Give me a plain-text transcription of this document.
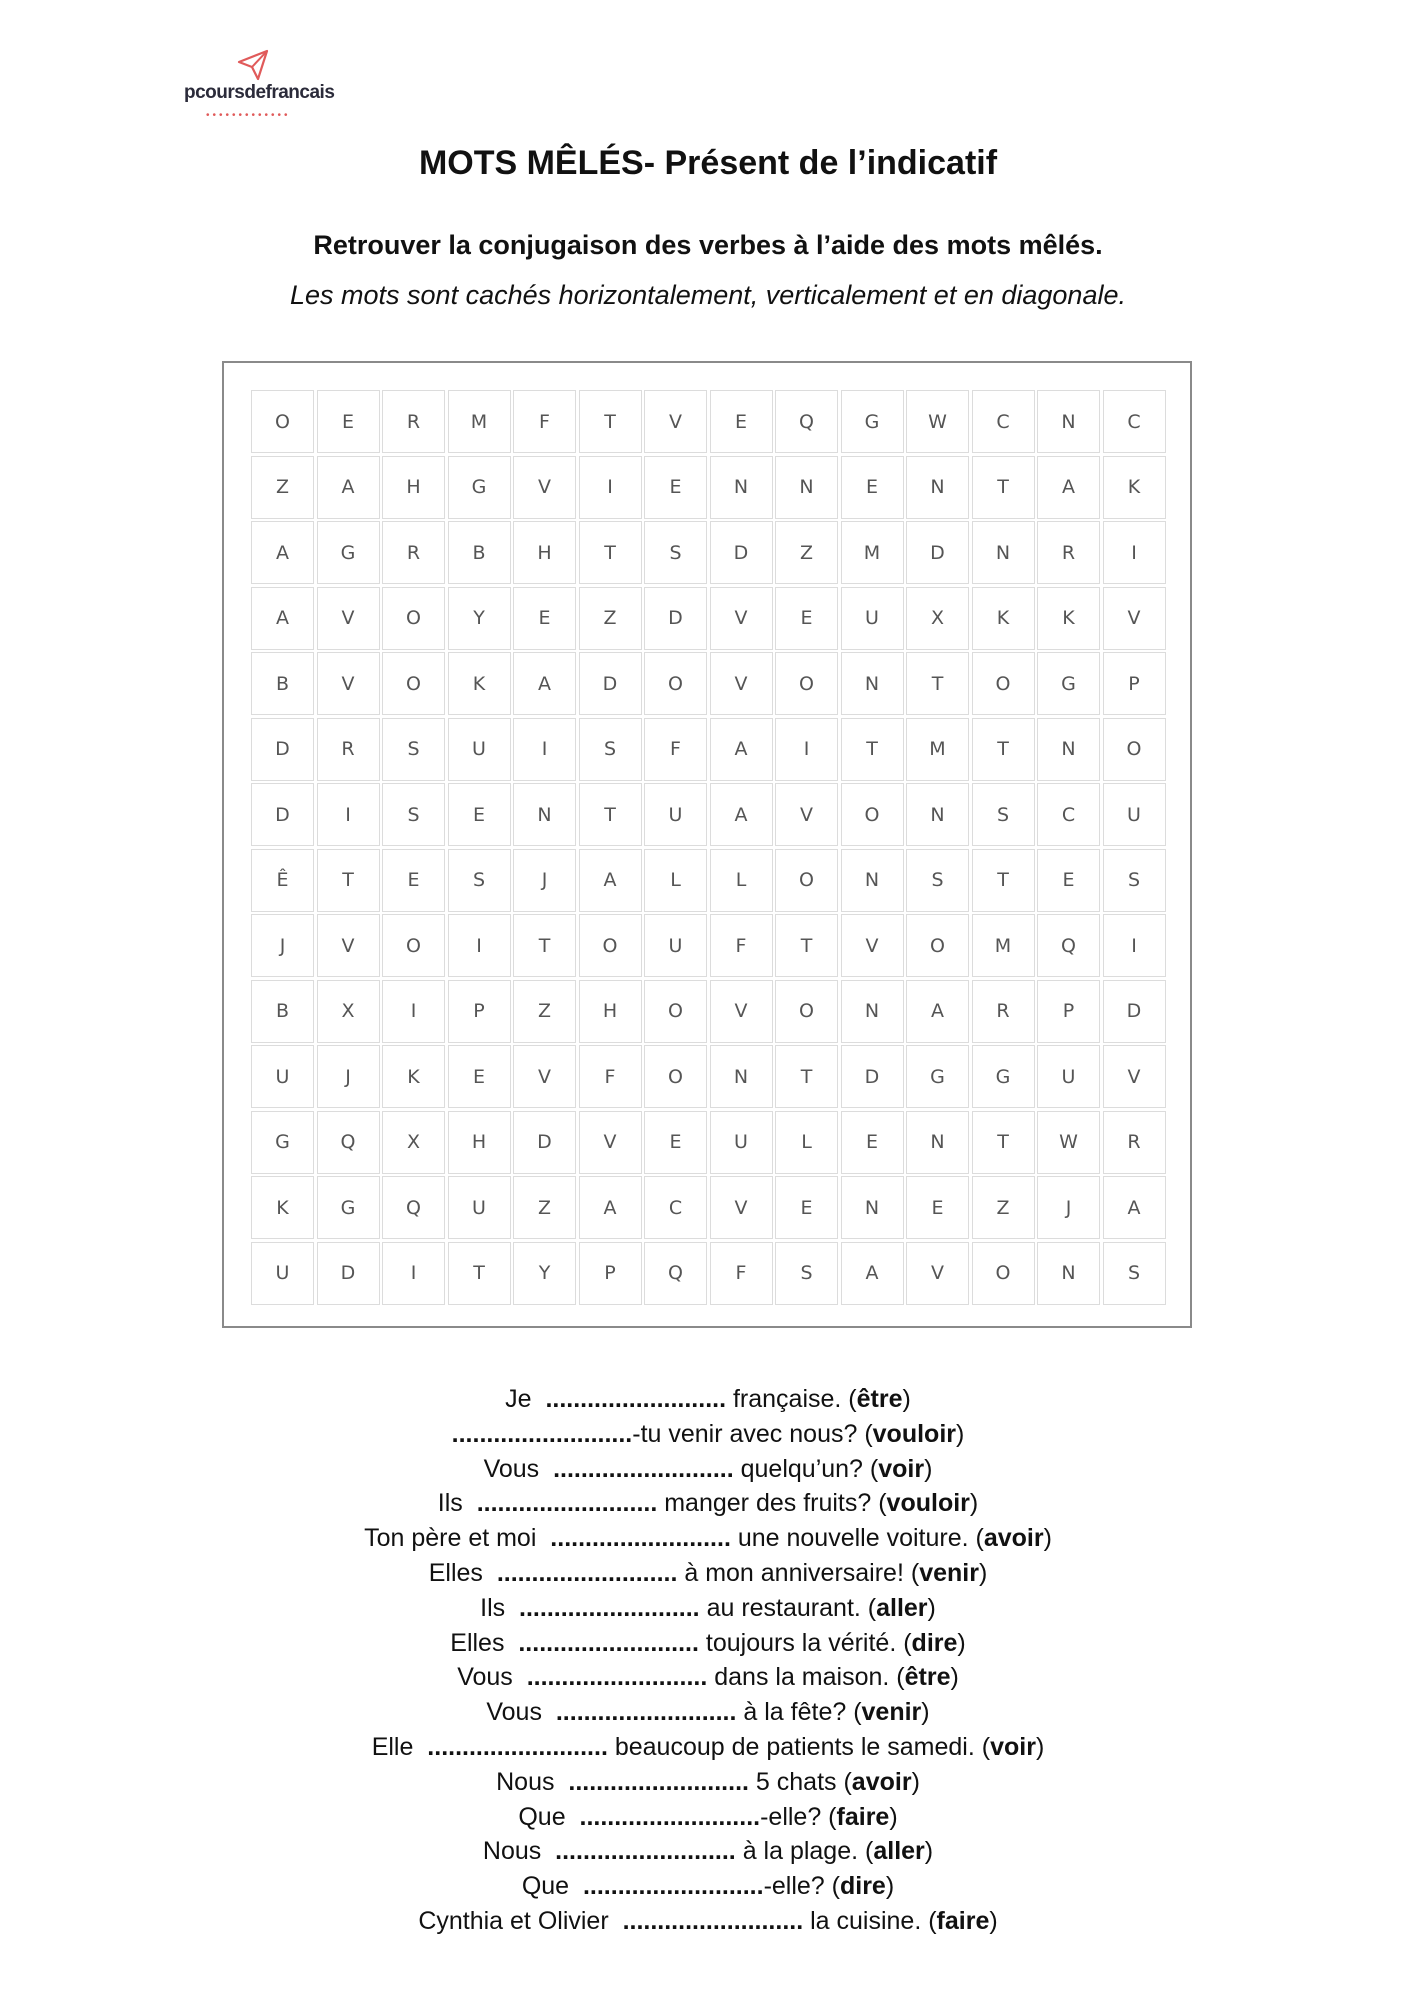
pcoursdefrancais
•••••••••••••
MOTS MÊLÉS- Présent de l’indicatif

Retrouver la conjugaison des verbes à l’aide des mots mêlés.

Les mots sont cachés horizontalement, verticalement et en diagonale.

O	E	R	M	F	T	V	E	Q	G	W	C	N	C
Z	A	H	G	V	I	E	N	N	E	N	T	A	K
A	G	R	B	H	T	S	D	Z	M	D	N	R	I
A	V	O	Y	E	Z	D	V	E	U	X	K	K	V
B	V	O	K	A	D	O	V	O	N	T	O	G	P
D	R	S	U	I	S	F	A	I	T	M	T	N	O
D	I	S	E	N	T	U	A	V	O	N	S	C	U
Ê	T	E	S	J	A	L	L	O	N	S	T	E	S
J	V	O	I	T	O	U	F	T	V	O	M	Q	I
B	X	I	P	Z	H	O	V	O	N	A	R	P	D
U	J	K	E	V	F	O	N	T	D	G	G	U	V
G	Q	X	H	D	V	E	U	L	E	N	T	W	R
K	G	Q	U	Z	A	C	V	E	N	E	Z	J	A
U	D	I	T	Y	P	Q	F	S	A	V	O	N	S
Je  .......................... française. (être)
..........................-tu venir avec nous? (vouloir)
Vous  .......................... quelqu’un? (voir)
Ils  .......................... manger des fruits? (vouloir)
Ton père et moi  .......................... une nouvelle voiture. (avoir)
Elles  .......................... à mon anniversaire! (venir)
Ils  .......................... au restaurant. (aller)
Elles  .......................... toujours la vérité. (dire)
Vous  .......................... dans la maison. (être)
Vous  .......................... à la fête? (venir)
Elle  .......................... beaucoup de patients le samedi. (voir)
Nous  .......................... 5 chats (avoir)
Que  ..........................-elle? (faire)
Nous  .......................... à la plage. (aller)
Que  ..........................-elle? (dire)
Cynthia et Olivier  .......................... la cuisine. (faire)
